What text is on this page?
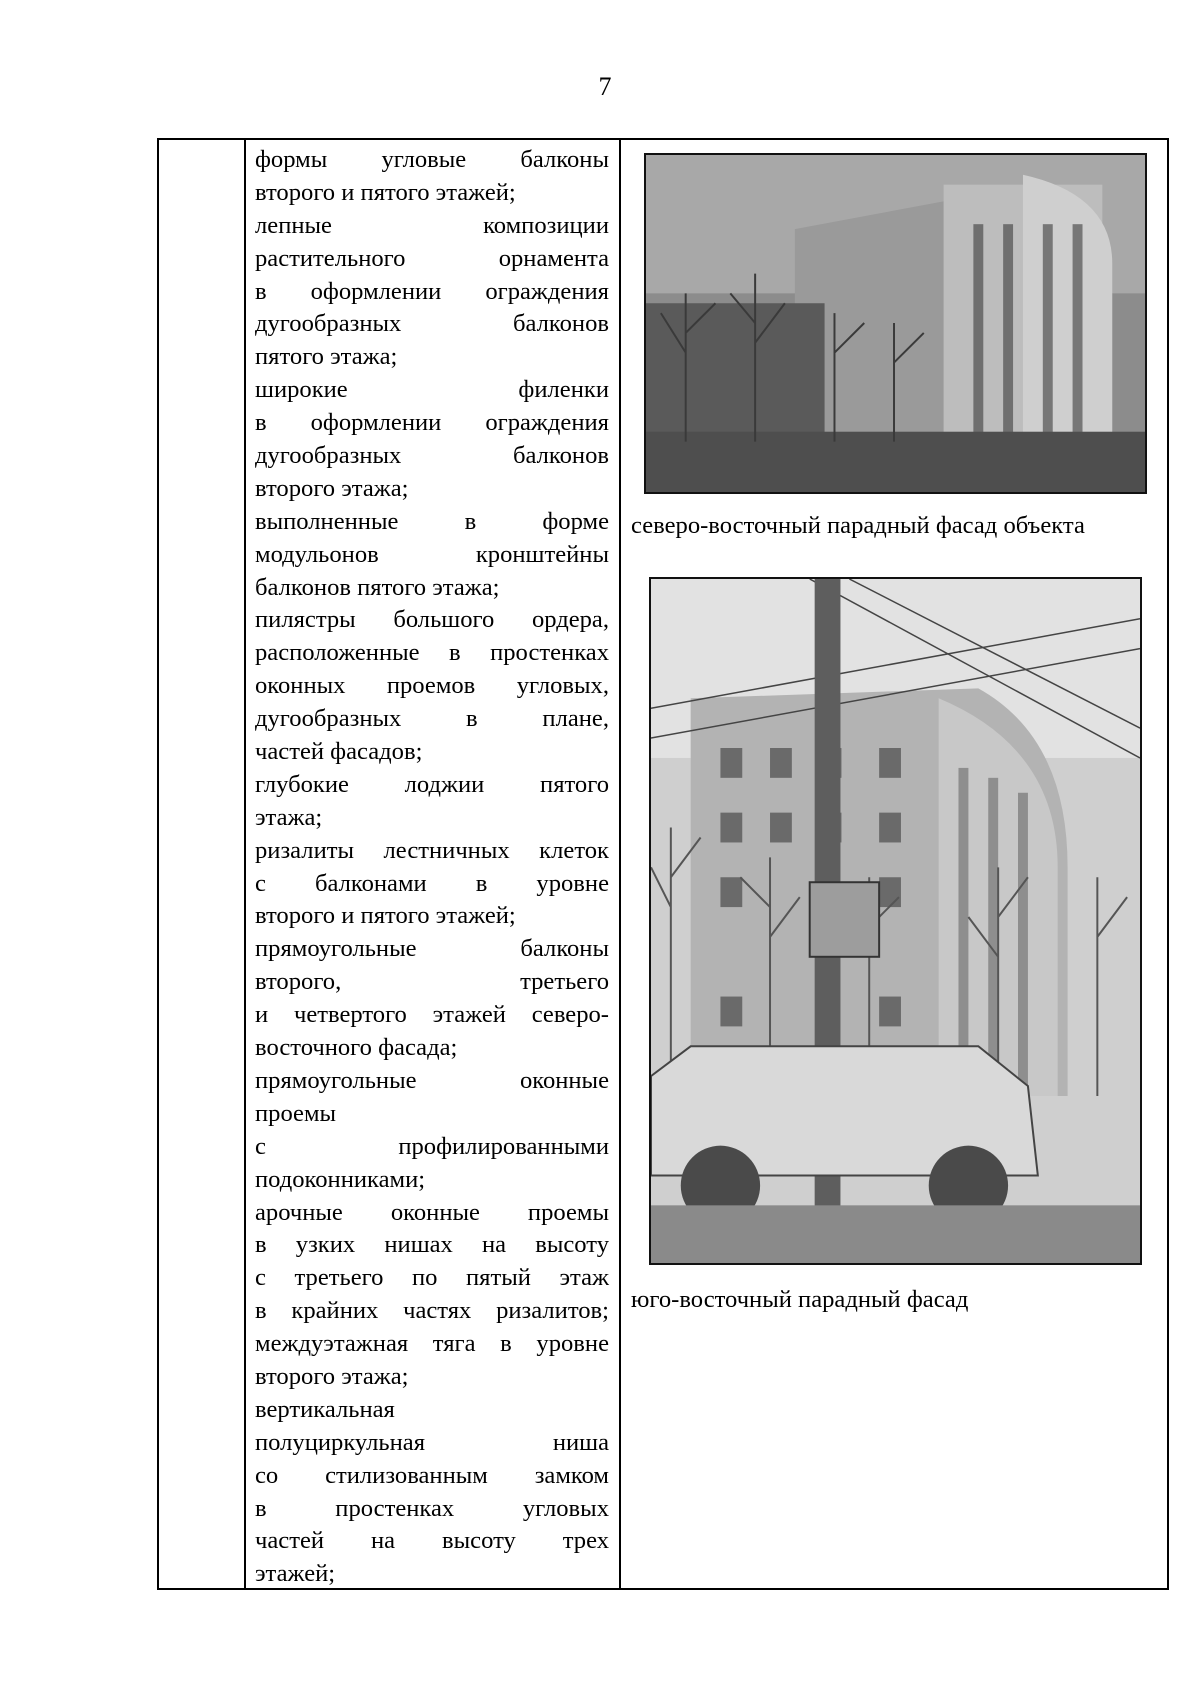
7
формы угловые балконы
второго и пятого этажей;
лепные композиции
растительного орнамента
в оформлении ограждения
дугообразных балконов
пятого этажа;
широкие филенки
в оформлении ограждения
дугообразных балконов
второго этажа;
выполненные в форме
модульонов кронштейны
балконов пятого этажа;
пилястры большого ордера,
расположенные в простенках
оконных проемов угловых,
дугообразных в плане,
частей фасадов;
глубокие лоджии пятого
этажа;
ризалиты лестничных клеток
с балконами в уровне
второго и пятого этажей;
прямоугольные балконы
второго, третьего
и четвертого этажей северо-
восточного фасада;
прямоугольные оконные
проемы
с профилированными
подоконниками;
арочные оконные проемы
в узких нишах на высоту
с третьего по пятый этаж
в крайних частях ризалитов;
междуэтажная тяга в уровне
второго этажа;
вертикальная
полуциркульная ниша
со стилизованным замком
в простенках угловых
частей на высоту трех
этажей;
северо-восточный парадный фасад объекта
юго-восточный парадный фасад
